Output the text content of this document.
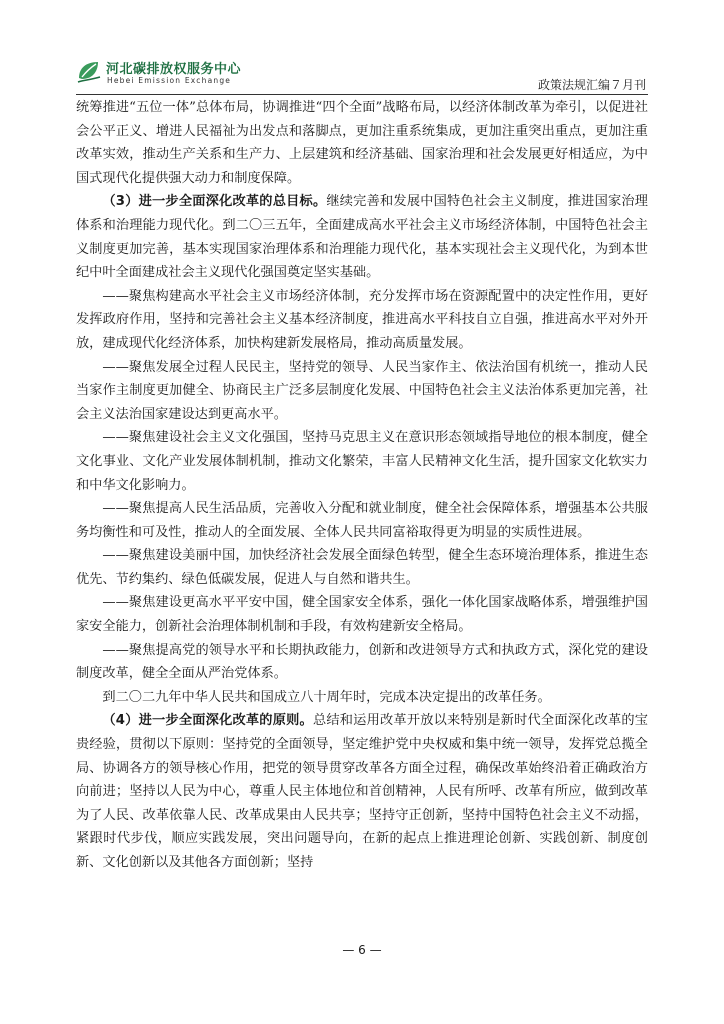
河北碳排放权服务中心
Hebei Emission Exchange	政策法规汇编７月刊

统筹推进“五位一体”总体布局，协调推进“四个全面”战略布局，以经济体制改革为牵引，以促进社会公平正义、增进人民福祉为出发点和落脚点，更加注重系统集成，更加注重突出重点，更加注重改革实效，推动生产关系和生产力、上层建筑和经济基础、国家治理和社会发展更好相适应，为中国式现代化提供强大动力和制度保障。

（3）进一步全面深化改革的总目标。继续完善和发展中国特色社会主义制度，推进国家治理体系和治理能力现代化。到二〇三五年，全面建成高水平社会主义市场经济体制，中国特色社会主义制度更加完善，基本实现国家治理体系和治理能力现代化，基本实现社会主义现代化，为到本世纪中叶全面建成社会主义现代化强国奠定坚实基础。

——聚焦构建高水平社会主义市场经济体制，充分发挥市场在资源配置中的决定性作用，更好发挥政府作用，坚持和完善社会主义基本经济制度，推进高水平科技自立自强，推进高水平对外开放，建成现代化经济体系，加快构建新发展格局，推动高质量发展。

——聚焦发展全过程人民民主，坚持党的领导、人民当家作主、依法治国有机统一，推动人民当家作主制度更加健全、协商民主广泛多层制度化发展、中国特色社会主义法治体系更加完善，社会主义法治国家建设达到更高水平。

——聚焦建设社会主义文化强国，坚持马克思主义在意识形态领域指导地位的根本制度，健全文化事业、文化产业发展体制机制，推动文化繁荣，丰富人民精神文化生活，提升国家文化软实力和中华文化影响力。

——聚焦提高人民生活品质，完善收入分配和就业制度，健全社会保障体系，增强基本公共服务均衡性和可及性，推动人的全面发展、全体人民共同富裕取得更为明显的实质性进展。

——聚焦建设美丽中国，加快经济社会发展全面绿色转型，健全生态环境治理体系，推进生态优先、节约集约、绿色低碳发展，促进人与自然和谐共生。

——聚焦建设更高水平平安中国，健全国家安全体系，强化一体化国家战略体系，增强维护国家安全能力，创新社会治理体制机制和手段，有效构建新安全格局。

——聚焦提高党的领导水平和长期执政能力，创新和改进领导方式和执政方式，深化党的建设制度改革，健全全面从严治党体系。

到二〇二九年中华人民共和国成立八十周年时，完成本决定提出的改革任务。

（4）进一步全面深化改革的原则。总结和运用改革开放以来特别是新时代全面深化改革的宝贵经验，贯彻以下原则：坚持党的全面领导，坚定维护党中央权威和集中统一领导，发挥党总揽全局、协调各方的领导核心作用，把党的领导贯穿改革各方面全过程，确保改革始终沿着正确政治方向前进；坚持以人民为中心，尊重人民主体地位和首创精神，人民有所呼、改革有所应，做到改革为了人民、改革依靠人民、改革成果由人民共享；坚持守正创新，坚持中国特色社会主义不动摇，紧跟时代步伐，顺应实践发展，突出问题导向，在新的起点上推进理论创新、实践创新、制度创新、文化创新以及其他各方面创新；坚持

— 6 —
